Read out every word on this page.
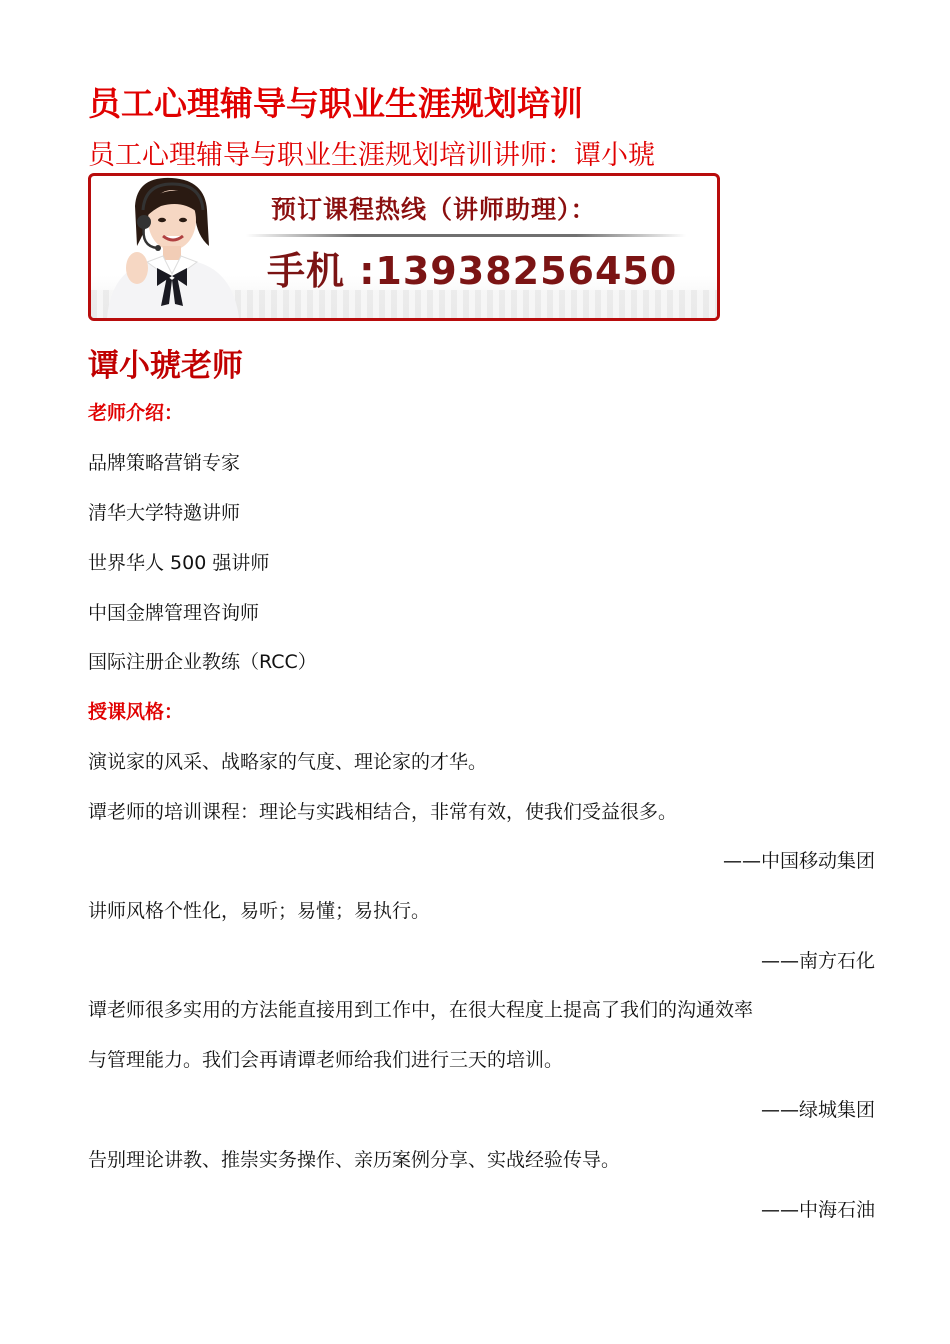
员工心理辅导与职业生涯规划培训
员工心理辅导与职业生涯规划培训讲师：谭小琥
预订课程热线（讲师助理）：
手机 :13938256450
谭小琥老师
老师介绍：
品牌策略营销专家
清华大学特邀讲师
世界华人 500 强讲师
中国金牌管理咨询师
国际注册企业教练（RCC）
授课风格：
演说家的风采、战略家的气度、理论家的才华。
谭老师的培训课程：理论与实践相结合，非常有效，使我们受益很多。
——中国移动集团
讲师风格个性化，易听；易懂；易执行。
——南方石化
谭老师很多实用的方法能直接用到工作中，在很大程度上提高了我们的沟通效率
与管理能力。我们会再请谭老师给我们进行三天的培训。
——绿城集团
告别理论讲教、推崇实务操作、亲历案例分享、实战经验传导。
——中海石油
